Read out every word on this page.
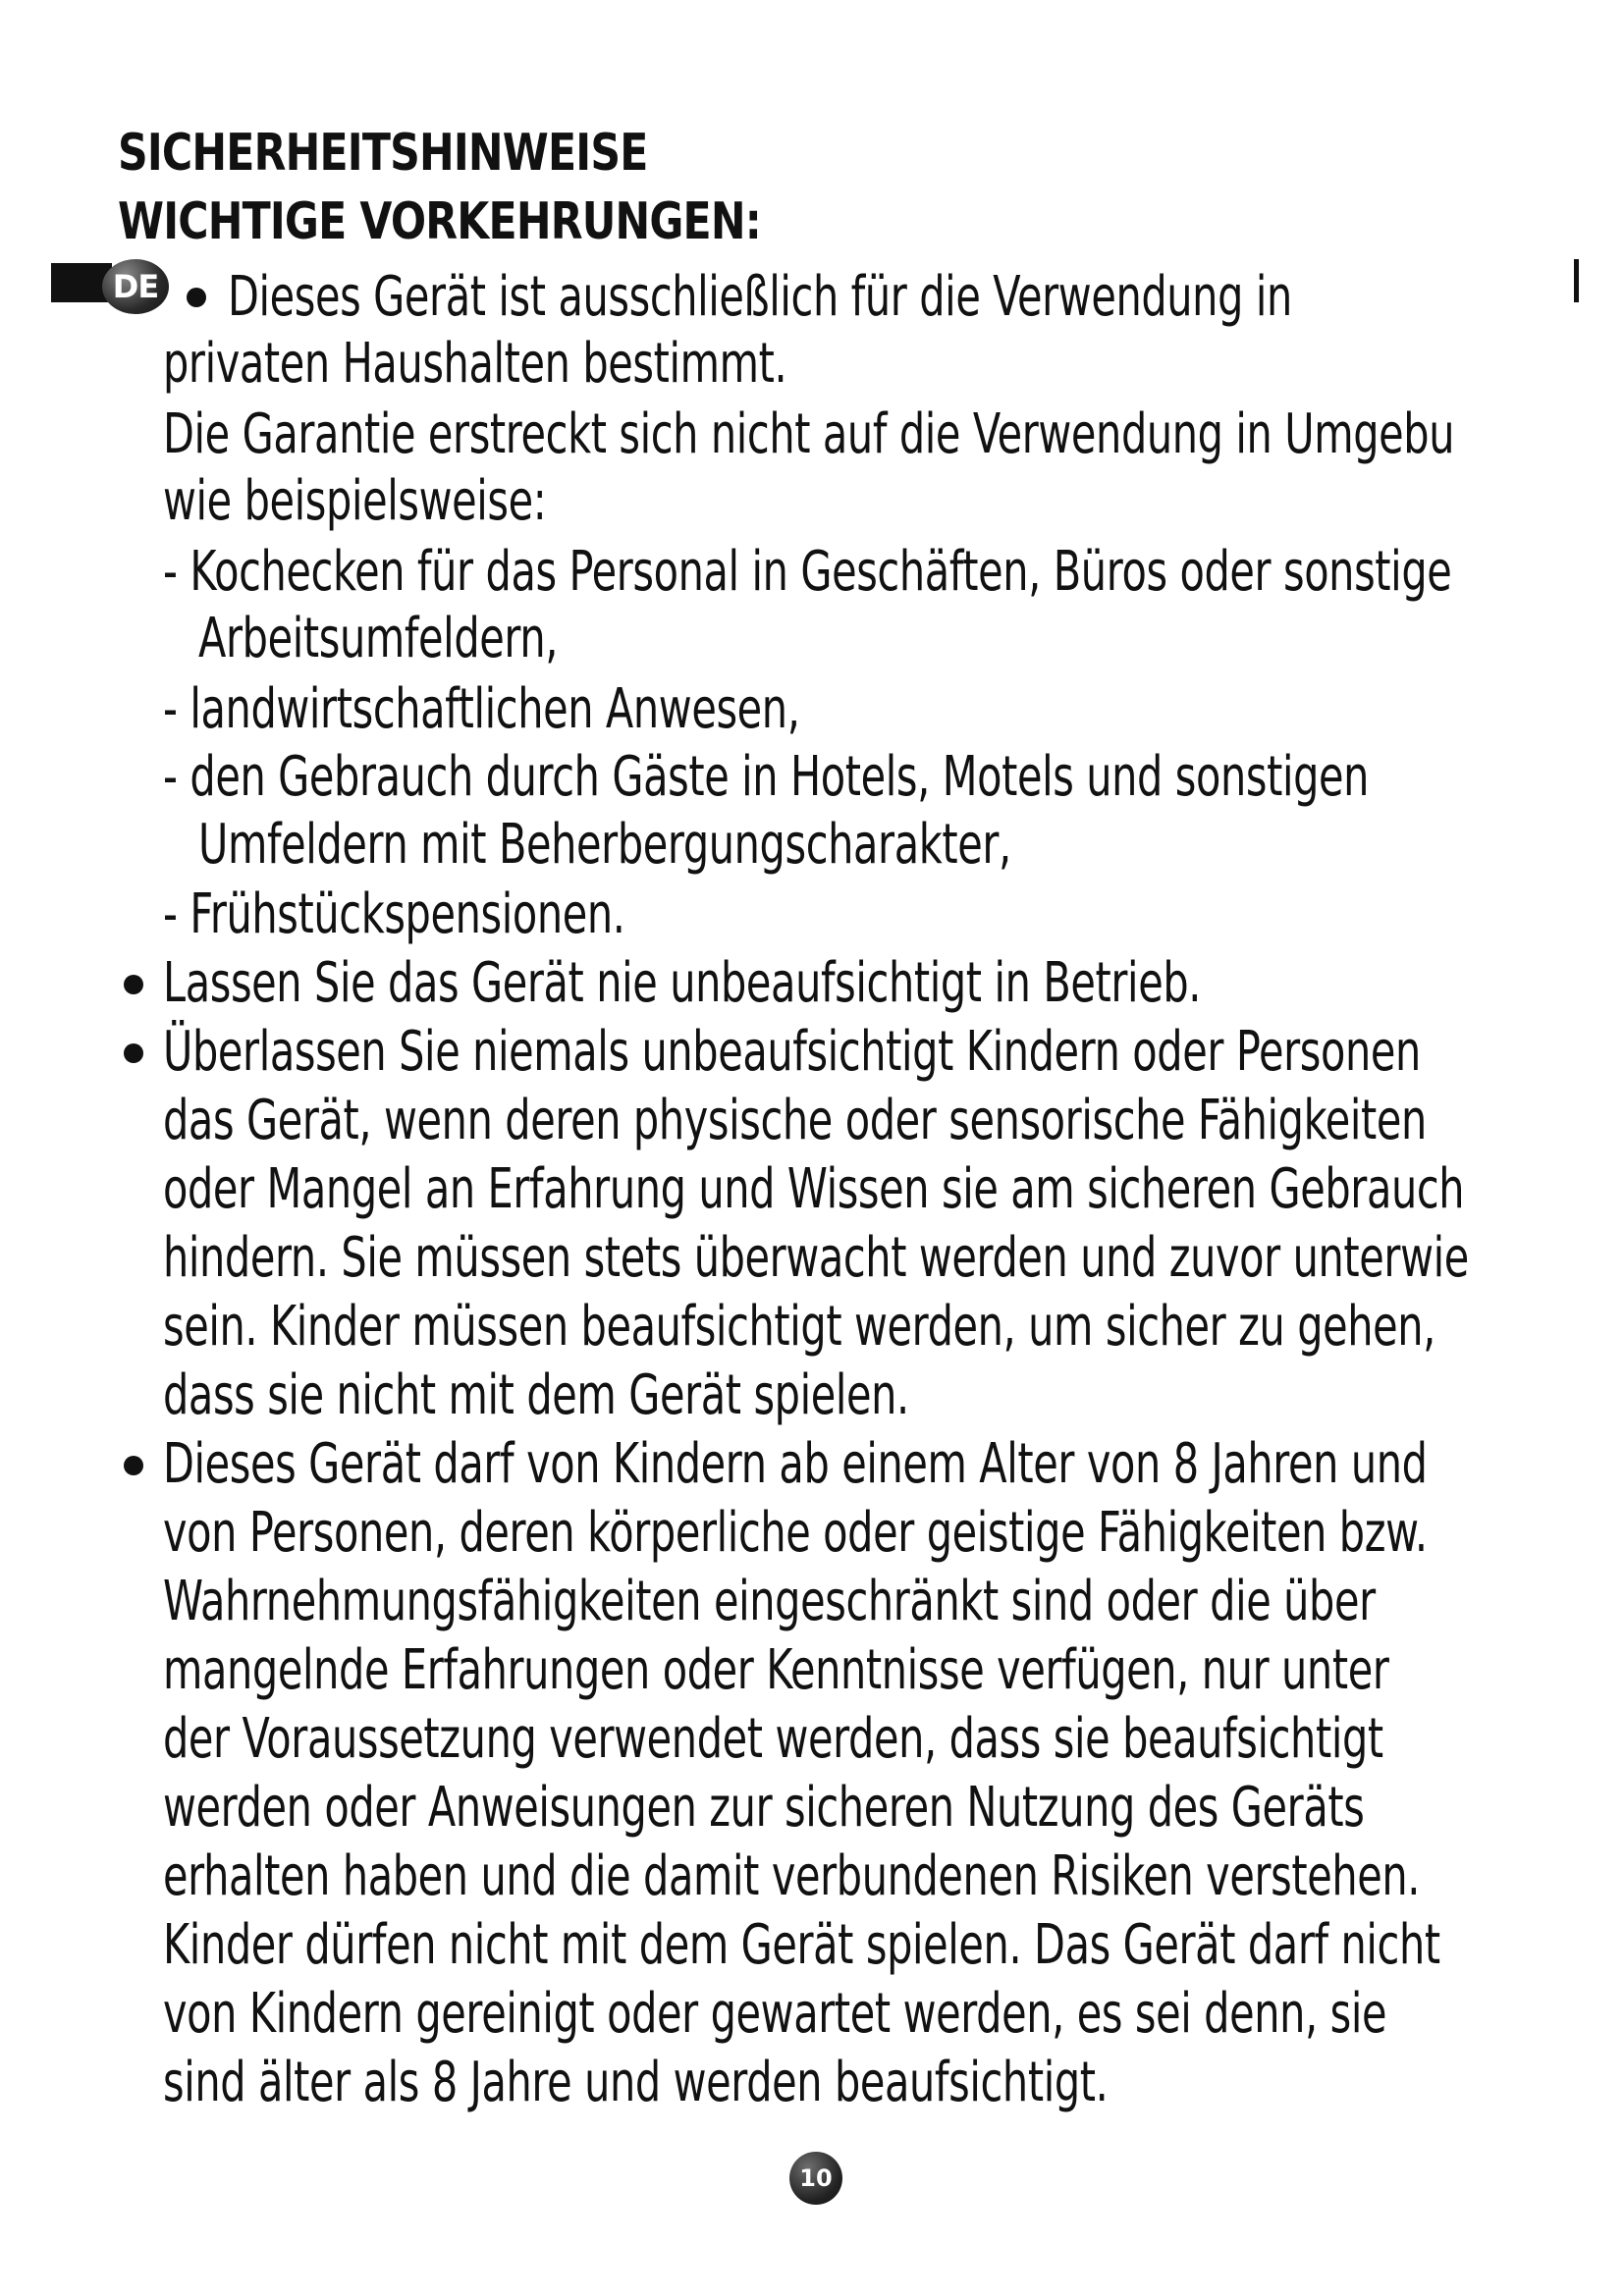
SICHERHEITSHINWEISE
WICHTIGE VORKEHRUNGEN:
DE Dieses Gerät ist ausschließlich für die Verwendung in
privaten Haushalten bestimmt.
Die Garantie erstreckt sich nicht auf die Verwendung in Umgebu
wie beispielsweise:
- Kochecken für das Personal in Geschäften, Büros oder sonstige
Arbeitsumfeldern,
- landwirtschaftlichen Anwesen,
- den Gebrauch durch Gäste in Hotels, Motels und sonstigen
Umfeldern mit Beherbergungscharakter,
- Frühstückspensionen.
Lassen Sie das Gerät nie unbeaufsichtigt in Betrieb.
Überlassen Sie niemals unbeaufsichtigt Kindern oder Personen
das Gerät, wenn deren physische oder sensorische Fähigkeiten
oder Mangel an Erfahrung und Wissen sie am sicheren Gebrauch
hindern. Sie müssen stets überwacht werden und zuvor unterwie
sein. Kinder müssen beaufsichtigt werden, um sicher zu gehen,
dass sie nicht mit dem Gerät spielen.
Dieses Gerät darf von Kindern ab einem Alter von 8 Jahren und
von Personen, deren körperliche oder geistige Fähigkeiten bzw.
Wahrnehmungsfähigkeiten eingeschränkt sind oder die über
mangelnde Erfahrungen oder Kenntnisse verfügen, nur unter
der Voraussetzung verwendet werden, dass sie beaufsichtigt
werden oder Anweisungen zur sicheren Nutzung des Geräts
erhalten haben und die damit verbundenen Risiken verstehen.
Kinder dürfen nicht mit dem Gerät spielen. Das Gerät darf nicht
von Kindern gereinigt oder gewartet werden, es sei denn, sie
sind älter als 8 Jahre und werden beaufsichtigt.
10
